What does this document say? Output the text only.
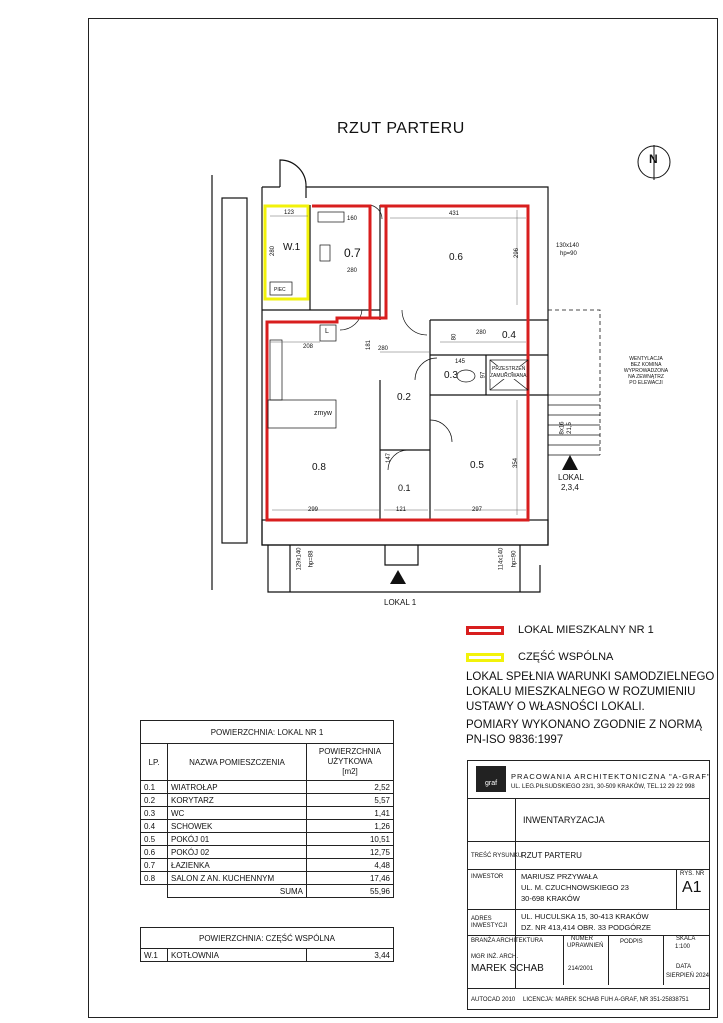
RZUT PARTERU
W.1	0.7	0.6
0.4
0.3
0.2
0.8
0.1
0.5
123
160
431
280
280
296
280
208	181 280
145
80
97
299	121	297
354
147
8x16 21,5
130x140
hp=90
129x140 hp=88	114x140 hp=90
PIEC
zmyw
L
PRZESTRZEŃ
ZAMUROWANA
WENTYLACJA
BEZ KOMINA
WYPROWADZONA
NA ZEWNĄTRZ
PO ELEWACJI
LOKAL
2,3,4
LOKAL 1
N
LOKAL MIESZKALNY NR 1
CZĘŚĆ WSPÓLNA
LOKAL SPEŁNIA WARUNKI SAMODZIELNEGO
LOKALU MIESZKALNEGO W ROZUMIENIU
USTAWY O WŁASNOŚCI LOKALI.
POMIARY WYKONANO ZGODNIE Z NORMĄ
PN-ISO 9836:1997
POWIERZCHNIA: LOKAL NR 1		
LP.	NAZWA POMIESZCZENIA	POWIERZCHNIA
UŻYTKOWA
[m2]

0.1	WIATROŁAP	2,52
0.2	KORYTARZ	5,57
0.3	WC	1,41
0.4	SCHOWEK	1,26
0.5	POKÓJ 01	10,51
0.6	POKÓJ 02	12,75
0.7	ŁAZIENKA	4,48
0.8	SALON Z AN. KUCHENNYM	17,46
	SUMA	55,96
POWIERZCHNIA: CZĘŚĆ WSPÓLNA
W.1	KOTŁOWNIA	3,44
graf
PRACOWANIA ARCHITEKTONICZNA "A-GRAF"
UL. LEG.PIŁSUDSKIEGO 23/1, 30-509 KRAKÓW, TEL.12 29 22 998
INWENTARYZACJA
TREŚĆ RYSUNKU
RZUT PARTERU
INWESTOR MARIUSZ PRZYWAŁA
UL. M. CZUCHNOWSKIEGO 23
30-698 KRAKÓW
RYS. NR
A1
ADRES
INWESTYCJI
UL. HUCULSKA 15, 30-413 KRAKÓW
DZ. NR 413,414 OBR. 33 PODGÓRZE
BRANŻA ARCHITEKTURA	NUMER
UPRAWNIEŃ
PODPIS	SKALA
1:100
MGR INŻ. ARCH.
MAREK SCHAB	214/2001	DATA
SIERPIEŃ 2024
AUTOCAD 2010 LICENCJA: MAREK SCHAB FUH A-GRAF, NR 351-25838751
